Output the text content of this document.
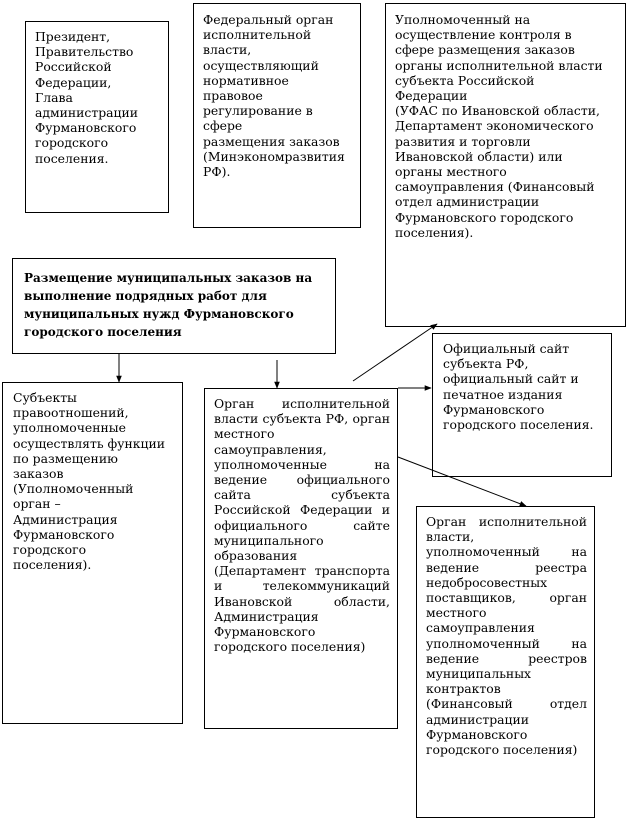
Президент,
Правительство
Российской
Федерации,
Глава
администрации
Фурмановского
городского
поселения.
Федеральный орган
исполнительной
власти,
осуществляющий
нормативное
правовое
регулирование в
сфере
размещения заказов
(Минэкономразвития
РФ).
Уполномоченный на
осуществление контроля в
сфере размещения заказов
органы исполнительной власти
субъекта Российской
Федерации
(УФАС по Ивановской области,
Департамент экономического
развития и торговли
Ивановской области) или
органы местного
самоуправления (Финансовый
отдел администрации
Фурмановского городского
поселения).
Размещение муниципальных заказов на
выполнение подрядных работ для
муниципальных нужд Фурмановского
городского поселения
Субъекты
правоотношений,
уполномоченные
осуществлять функции
по размещению
заказов
(Уполномоченный
орган –
Администрация
Фурмановского
городского
поселения).
Орган исполнительной власти субъекта РФ, орган местного самоуправления, уполномоченные на ведение официального сайта субъекта Российской Федерации и официального сайте муниципального образования (Департамент транспорта и телекоммуникаций Ивановской области, Администрация Фурмановского городского поселения)
Официальный сайт
субъекта РФ,
официальный сайт и
печатное издания
Фурмановского
городского поселения.
Орган исполнительной власти, уполномоченный на ведение реестра недобросовестных поставщиков, орган местного самоуправления уполномоченный на ведение реестров муниципальных контрактов (Финансовый отдел администрации Фурмановского городского поселения)
